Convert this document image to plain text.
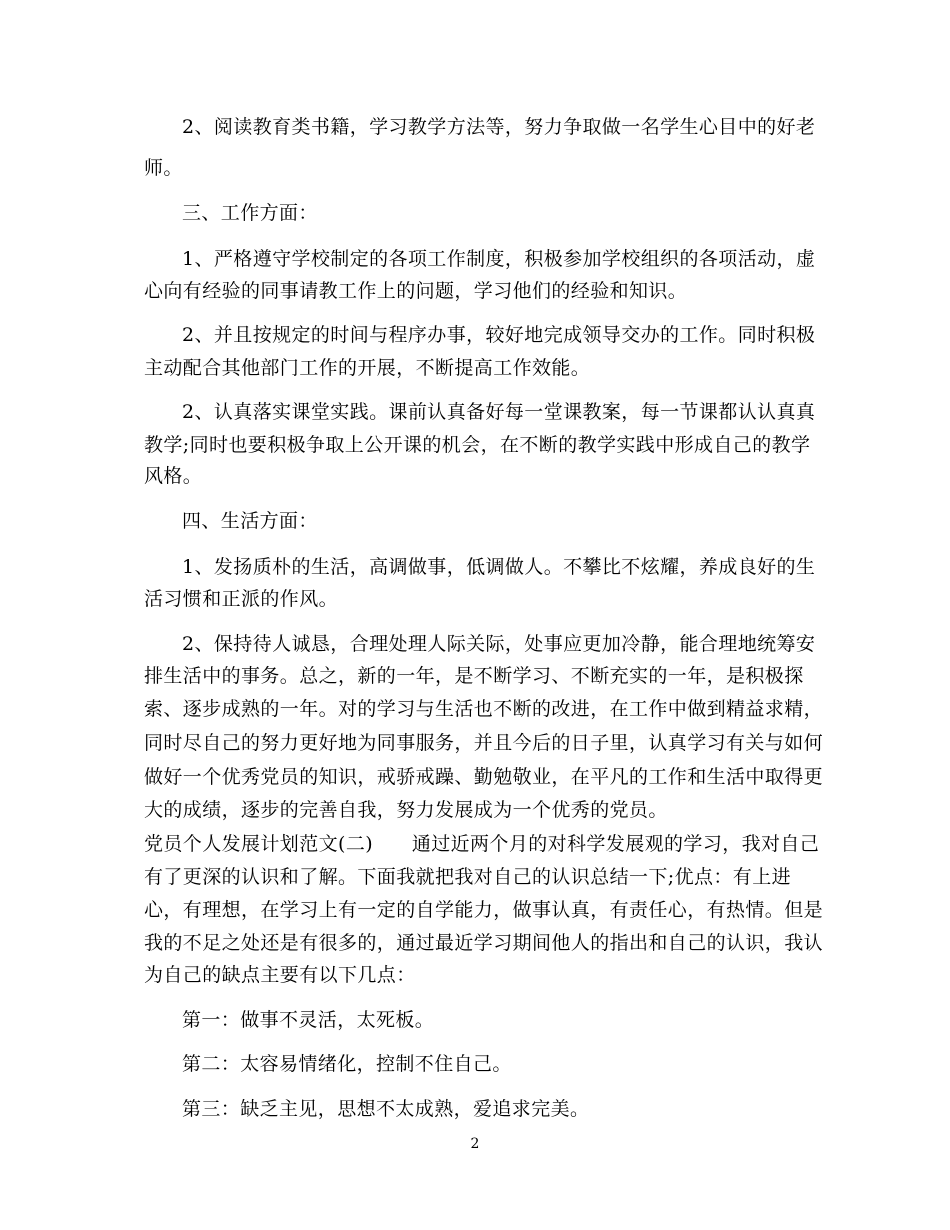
2、阅读教育类书籍，学习教学方法等，努力争取做一名学生心目中的好老
师。
三、工作方面：
1、严格遵守学校制定的各项工作制度，积极参加学校组织的各项活动，虚
心向有经验的同事请教工作上的问题，学习他们的经验和知识。
2、并且按规定的时间与程序办事，较好地完成领导交办的工作。同时积极
主动配合其他部门工作的开展，不断提高工作效能。
2、认真落实课堂实践。课前认真备好每一堂课教案，每一节课都认认真真
教学;同时也要积极争取上公开课的机会，在不断的教学实践中形成自己的教学
风格。
四、生活方面：
1、发扬质朴的生活，高调做事，低调做人。不攀比不炫耀，养成良好的生
活习惯和正派的作风。
2、保持待人诚恳，合理处理人际关际，处事应更加冷静，能合理地统筹安
排生活中的事务。总之，新的一年，是不断学习、不断充实的一年，是积极探
索、逐步成熟的一年。对的学习与生活也不断的改进，在工作中做到精益求精，
同时尽自己的努力更好地为同事服务，并且今后的日子里，认真学习有关与如何
做好一个优秀党员的知识，戒骄戒躁、勤勉敬业，在平凡的工作和生活中取得更
大的成绩，逐步的完善自我，努力发展成为一个优秀的党员。
党员个人发展计划范文(二)　　通过近两个月的对科学发展观的学习，我对自己
有了更深的认识和了解。下面我就把我对自己的认识总结一下;优点：有上进
心，有理想，在学习上有一定的自学能力，做事认真，有责任心，有热情。但是
我的不足之处还是有很多的，通过最近学习期间他人的指出和自己的认识，我认
为自己的缺点主要有以下几点：
第一：做事不灵活，太死板。
第二：太容易情绪化，控制不住自己。
第三：缺乏主见，思想不太成熟，爱追求完美。
2
